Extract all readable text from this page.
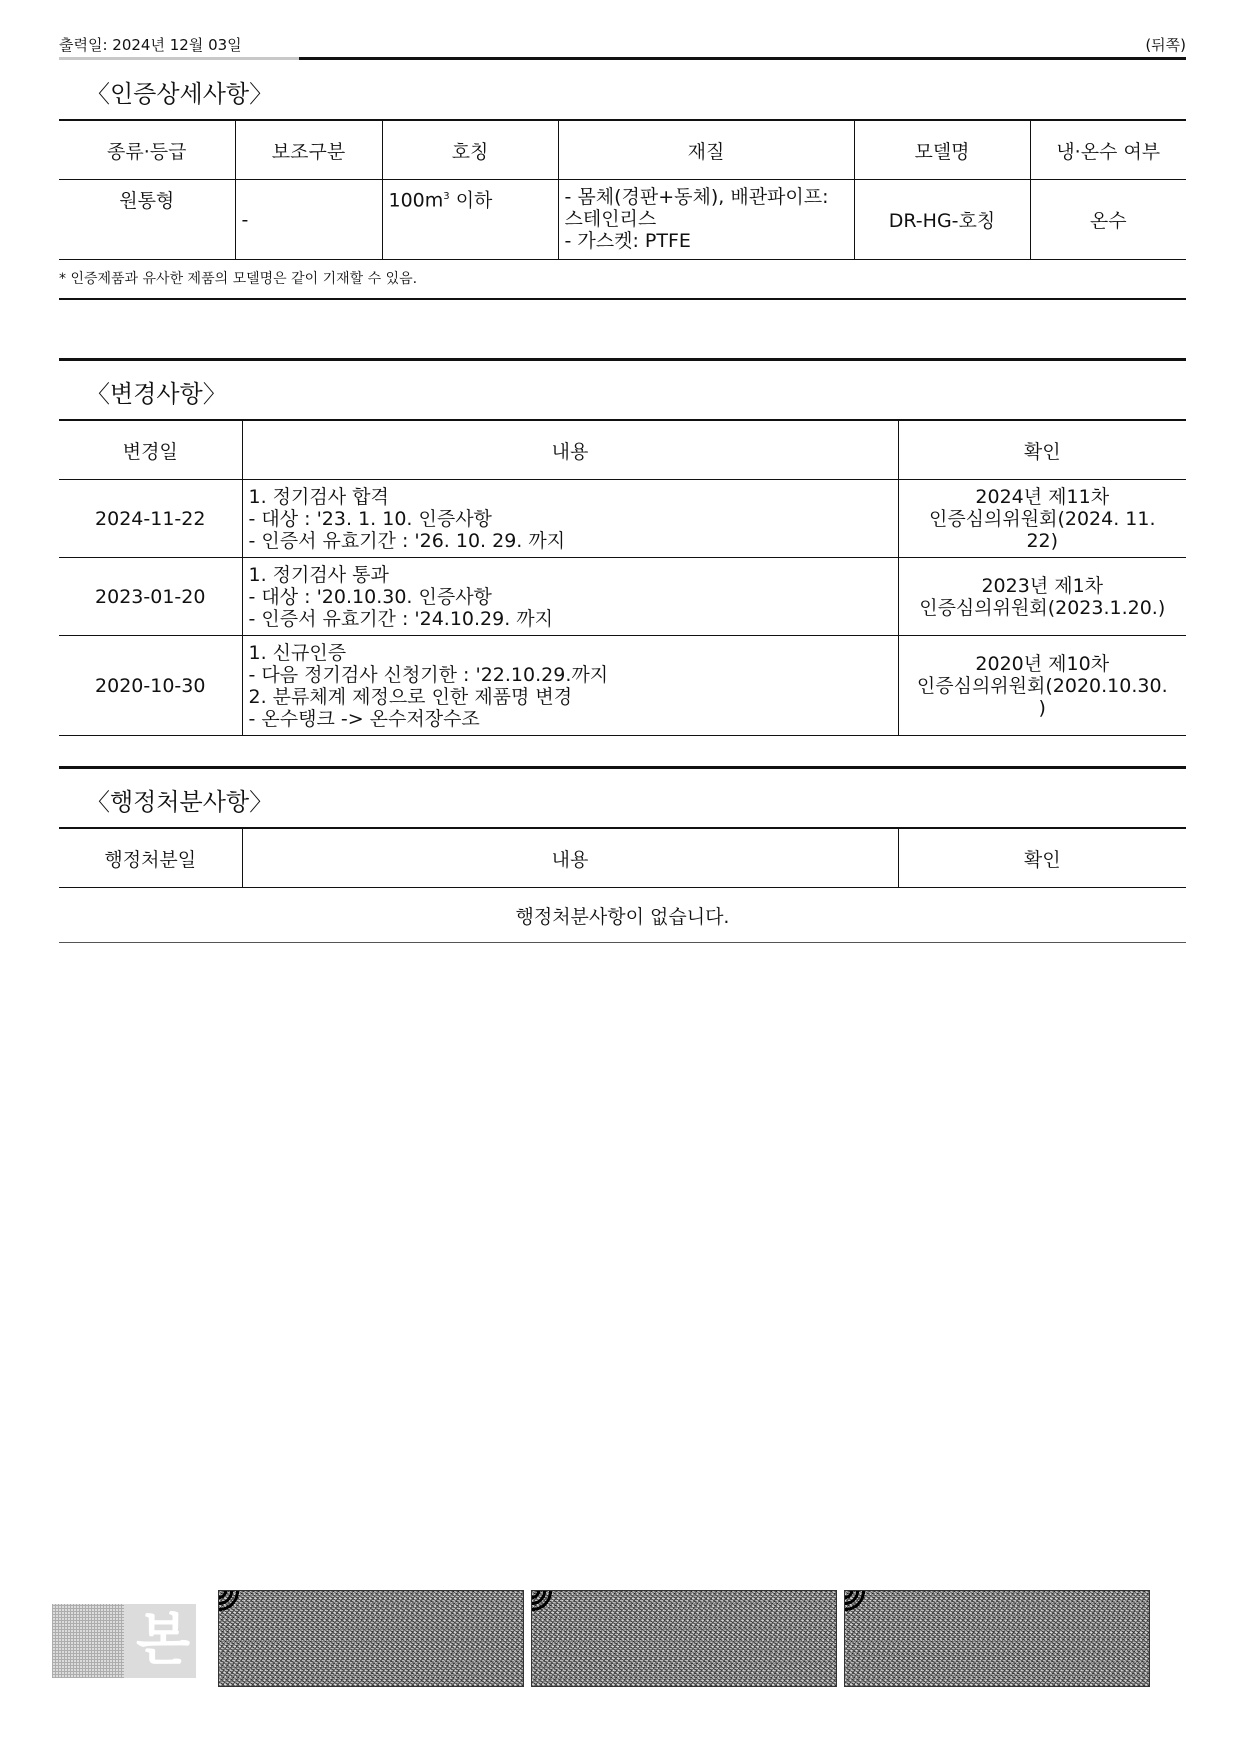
출력일: 2024년 12월 03일	(뒤쪽)
〈인증상세사항〉
종류·등급	보조구분	호칭	재질	모델명	냉·온수 여부
원통형	-	$100m^3$ 이하	- 몸체(경판+동체), 배관파이프:
스테인리스
- 가스켓: PTFE	DR-HG-호칭	온수
* 인증제품과 유사한 제품의 모델명은 같이 기재할 수 있음.
〈변경사항〉
변경일	내용	확인
2024-11-22	1. 정기검사 합격
- 대상 : '23. 1. 10. 인증사항
- 인증서 유효기간 : '26. 10. 29. 까지	2024년 제11차
인증심의위원회(2024. 11.
22)
2023-01-20	1. 정기검사 통과
- 대상 : '20.10.30. 인증사항
- 인증서 유효기간 : '24.10.29. 까지	2023년 제1차
인증심의위원회(2023.1.20.)
2020-10-30	1. 신규인증
- 다음 정기검사 신청기한 : '22.10.29.까지
2. 분류체계 제정으로 인한 제품명 변경
- 온수탱크 -> 온수저장수조	2020년 제10차
인증심의위원회(2020.10.30.
)
〈행정처분사항〉
행정처분일	내용	확인
행정처분사항이 없습니다.
본
